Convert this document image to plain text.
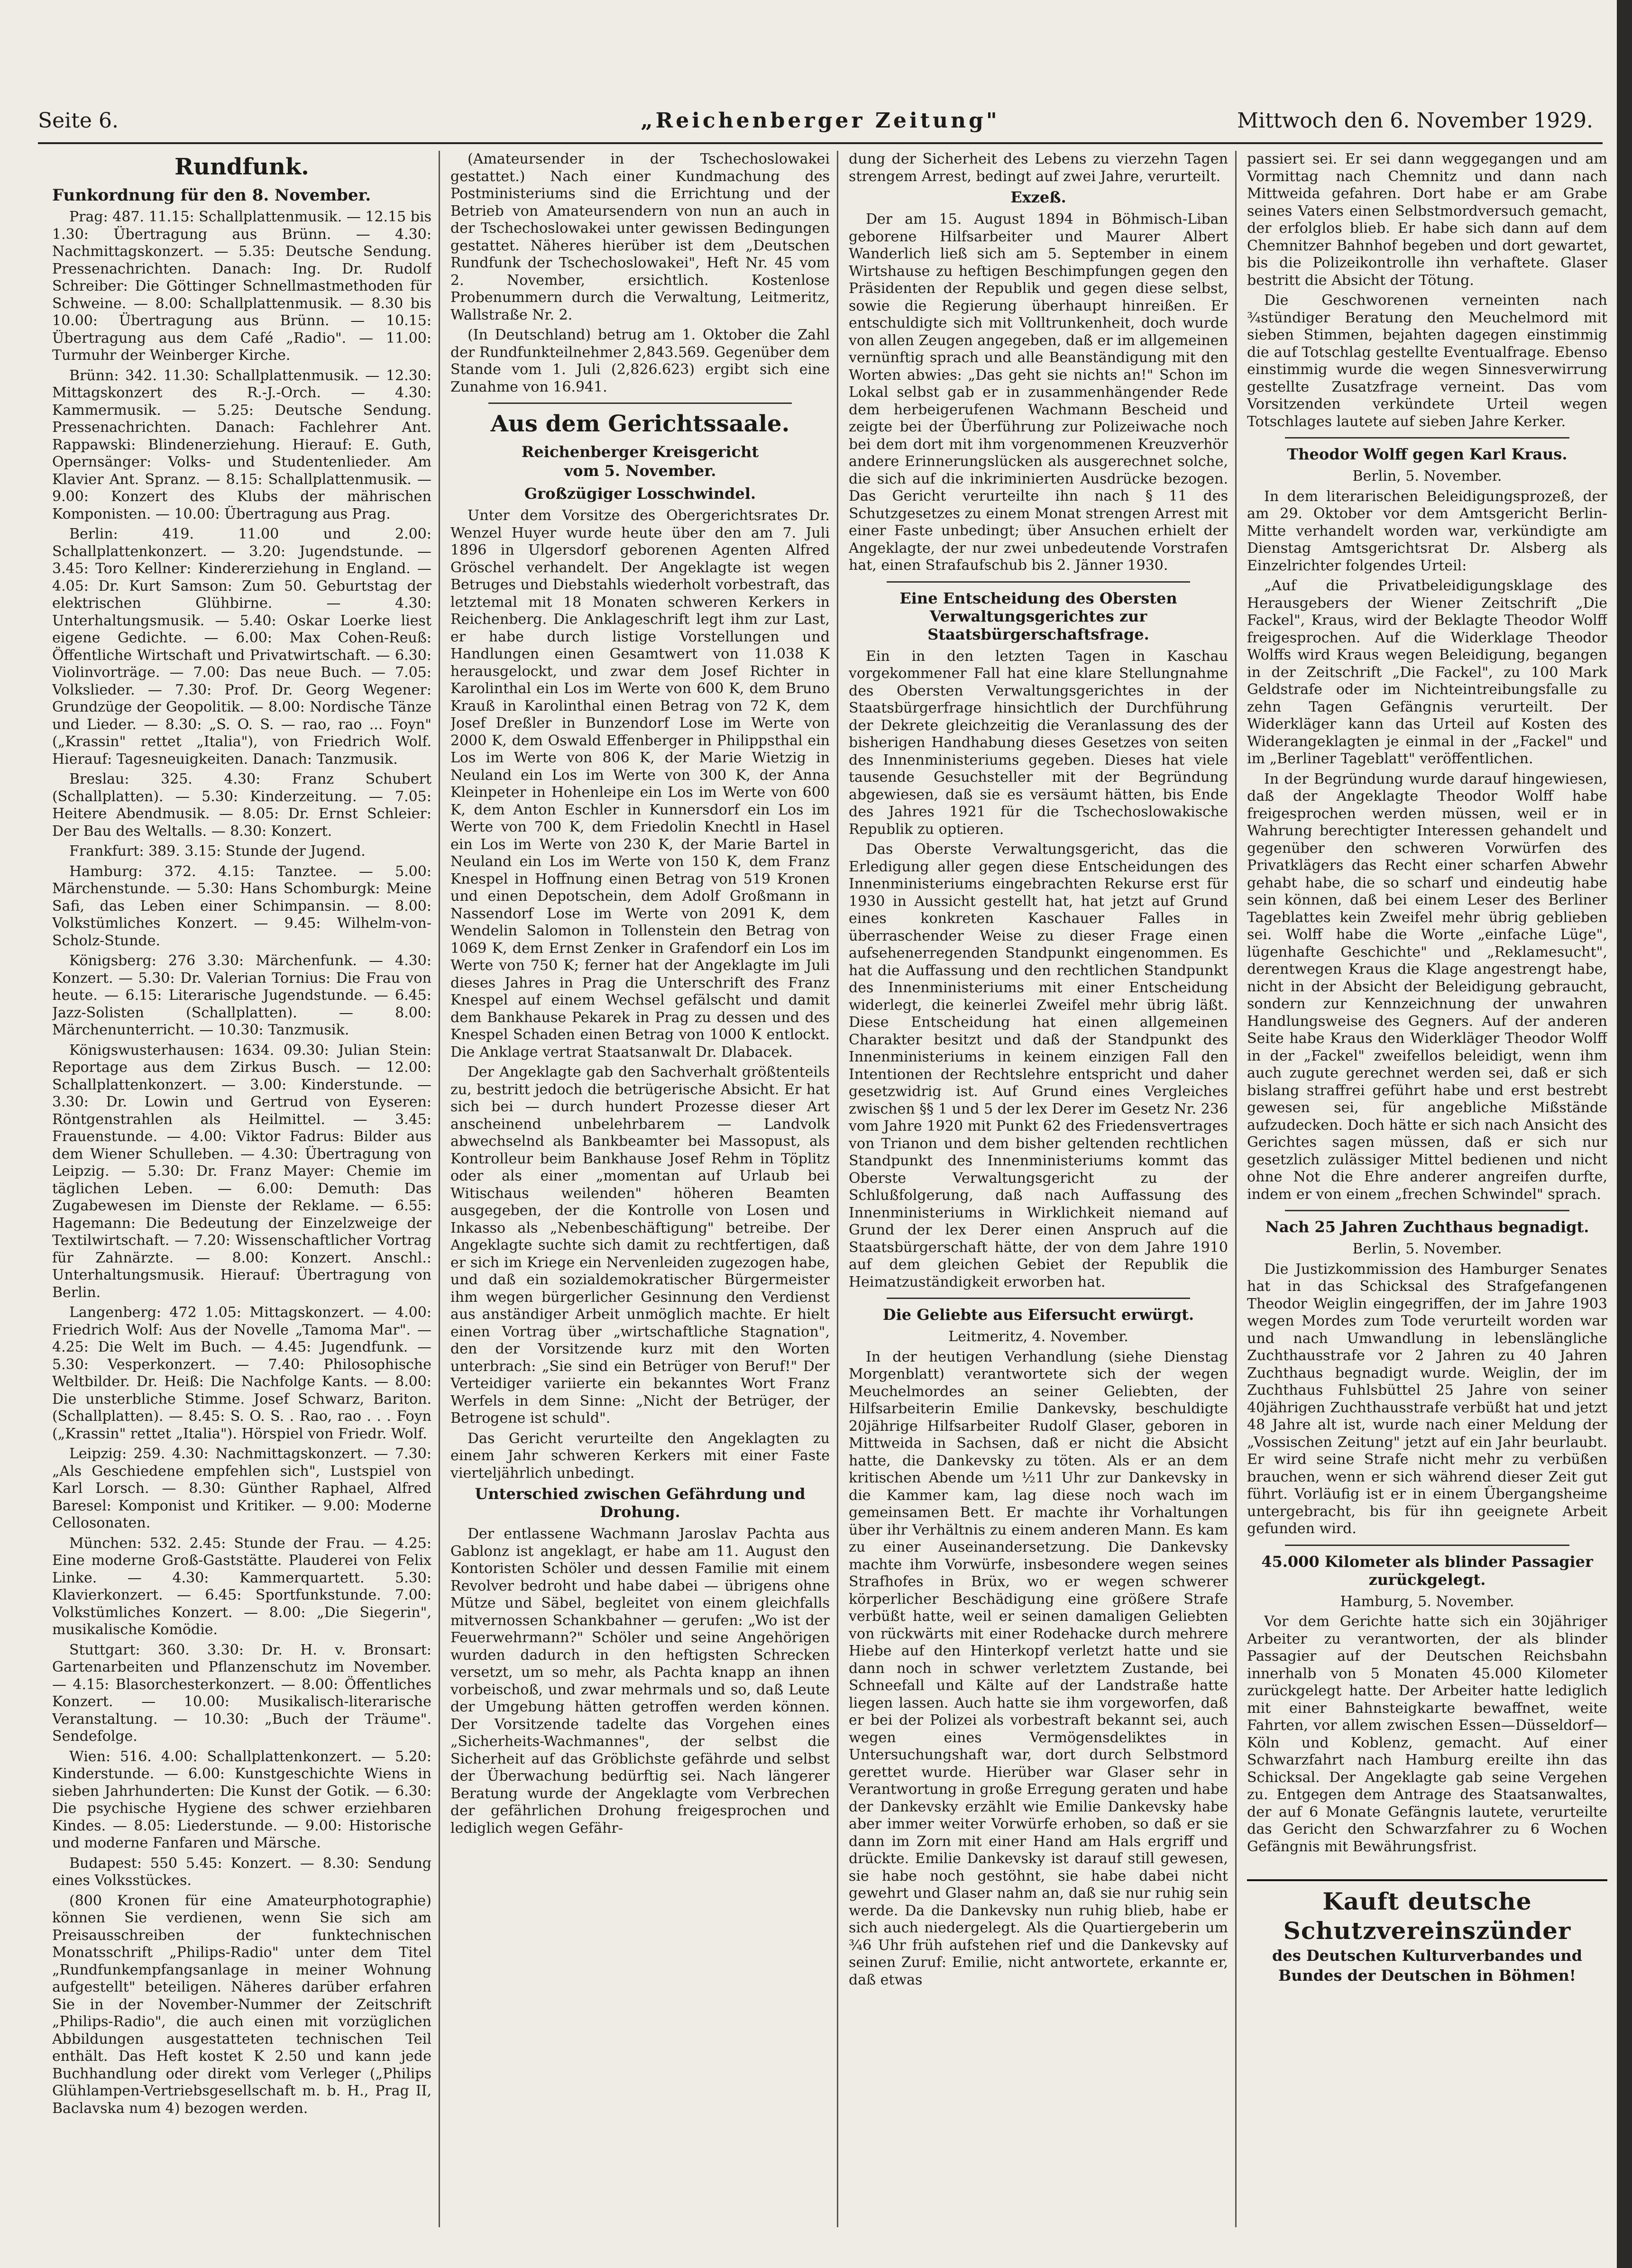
Seite 6.	„Reichenberger Zeitung"	Mittwoch den 6. November 1929.
Rundfunk.
Funkordnung für den 8. November.

Prag: 487. 11.15: Schallplattenmusik. — 12.15 bis 1.30: Übertragung aus Brünn. — 4.30: Nachmittagskonzert. — 5.35: Deutsche Sendung. Pressenachrichten. Danach: Ing. Dr. Rudolf Schreiber: Die Göttinger Schnellmastmethoden für Schweine. — 8.00: Schallplattenmusik. — 8.30 bis 10.00: Übertragung aus Brünn. — 10.15: Übertragung aus dem Café „Radio". — 11.00: Turmuhr der Weinberger Kirche.

Brünn: 342. 11.30: Schallplattenmusik. — 12.30: Mittagskonzert des R.-J.-Orch. — 4.30: Kammermusik. — 5.25: Deutsche Sendung. Pressenachrichten. Danach: Fachlehrer Ant. Rappawski: Blindenerziehung. Hierauf: E. Guth, Opernsänger: Volks- und Studentenlieder. Am Klavier Ant. Spranz. — 8.15: Schallplattenmusik. — 9.00: Konzert des Klubs der mährischen Komponisten. — 10.00: Übertragung aus Prag.

Berlin: 419. 11.00 und 2.00: Schallplattenkonzert. — 3.20: Jugendstunde. — 3.45: Toro Kellner: Kindererziehung in England. — 4.05: Dr. Kurt Samson: Zum 50. Geburtstag der elektrischen Glühbirne. — 4.30: Unterhaltungsmusik. — 5.40: Oskar Loerke liest eigene Gedichte. — 6.00: Max Cohen-Reuß: Öffentliche Wirtschaft und Privatwirtschaft. — 6.30: Violinvorträge. — 7.00: Das neue Buch. — 7.05: Volkslieder. — 7.30: Prof. Dr. Georg Wegener: Grundzüge der Geopolitik. — 8.00: Nordische Tänze und Lieder. — 8.30: „S. O. S. — rao, rao ... Foyn" („Krassin" rettet „Italia"), von Friedrich Wolf. Hierauf: Tagesneuigkeiten. Danach: Tanzmusik.

Breslau: 325. 4.30: Franz Schubert (Schallplatten). — 5.30: Kinderzeitung. — 7.05: Heitere Abendmusik. — 8.05: Dr. Ernst Schleier: Der Bau des Weltalls. — 8.30: Konzert.

Frankfurt: 389. 3.15: Stunde der Jugend.

Hamburg: 372. 4.15: Tanztee. — 5.00: Märchenstunde. — 5.30: Hans Schomburgk: Meine Safi, das Leben einer Schimpansin. — 8.00: Volkstümliches Konzert. — 9.45: Wilhelm-von-Scholz-Stunde.

Königsberg: 276 3.30: Märchenfunk. — 4.30: Konzert. — 5.30: Dr. Valerian Tornius: Die Frau von heute. — 6.15: Literarische Jugendstunde. — 6.45: Jazz-Solisten (Schallplatten). — 8.00: Märchenunterricht. — 10.30: Tanzmusik.

Königswusterhausen: 1634. 09.30: Julian Stein: Reportage aus dem Zirkus Busch. — 12.00: Schallplattenkonzert. — 3.00: Kinderstunde. — 3.30: Dr. Lowin und Gertrud von Eyseren: Röntgenstrahlen als Heilmittel. — 3.45: Frauenstunde. — 4.00: Viktor Fadrus: Bilder aus dem Wiener Schulleben. — 4.30: Übertragung von Leipzig. — 5.30: Dr. Franz Mayer: Chemie im täglichen Leben. — 6.00: Demuth: Das Zugabewesen im Dienste der Reklame. — 6.55: Hagemann: Die Bedeutung der Einzelzweige der Textilwirtschaft. — 7.20: Wissenschaftlicher Vortrag für Zahnärzte. — 8.00: Konzert. Anschl.: Unterhaltungsmusik. Hierauf: Übertragung von Berlin.

Langenberg: 472 1.05: Mittagskonzert. — 4.00: Friedrich Wolf: Aus der Novelle „Tamoma Mar". — 4.25: Die Welt im Buch. — 4.45: Jugendfunk. — 5.30: Vesperkonzert. — 7.40: Philosophische Weltbilder. Dr. Heiß: Die Nachfolge Kants. — 8.00: Die unsterbliche Stimme. Josef Schwarz, Bariton. (Schallplatten). — 8.45: S. O. S. . Rao, rao . . . Foyn („Krassin" rettet „Italia"). Hörspiel von Friedr. Wolf.

Leipzig: 259. 4.30: Nachmittagskonzert. — 7.30: „Als Geschiedene empfehlen sich", Lustspiel von Karl Lorsch. — 8.30: Günther Raphael, Alfred Baresel: Komponist und Kritiker. — 9.00: Moderne Cellosonaten.

München: 532. 2.45: Stunde der Frau. — 4.25: Eine moderne Groß-Gaststätte. Plauderei von Felix Linke. — 4.30: Kammerquartett. 5.30: Klavierkonzert. — 6.45: Sportfunkstunde. 7.00: Volkstümliches Konzert. — 8.00: „Die Siegerin", musikalische Komödie.

Stuttgart: 360. 3.30: Dr. H. v. Bronsart: Gartenarbeiten und Pflanzenschutz im November. — 4.15: Blasorchesterkonzert. — 8.00: Öffentliches Konzert. — 10.00: Musikalisch-literarische Veranstaltung. — 10.30: „Buch der Träume". Sendefolge.

Wien: 516. 4.00: Schallplattenkonzert. — 5.20: Kinderstunde. — 6.00: Kunstgeschichte Wiens in sieben Jahrhunderten: Die Kunst der Gotik. — 6.30: Die psychische Hygiene des schwer erziehbaren Kindes. — 8.05: Liederstunde. — 9.00: Historische und moderne Fanfaren und Märsche.

Budapest: 550 5.45: Konzert. — 8.30: Sendung eines Volksstückes.

(800 Kronen für eine Amateurphotographie) können Sie verdienen, wenn Sie sich am Preisausschreiben der funktechnischen Monatsschrift „Philips-Radio" unter dem Titel „Rundfunkempfangsanlage in meiner Wohnung aufgestellt" beteiligen. Näheres darüber erfahren Sie in der November-Nummer der Zeitschrift „Philips-Radio", die auch einen mit vorzüglichen Abbildungen ausgestatteten technischen Teil enthält. Das Heft kostet K 2.50 und kann jede Buchhandlung oder direkt vom Verleger („Philips Glühlampen-Vertriebsgesellschaft m. b. H., Prag II, Baclavska num 4) bezogen werden.

(Amateursender in der Tschechoslowakei gestattet.) Nach einer Kundmachung des Postministeriums sind die Errichtung und der Betrieb von Amateursendern von nun an auch in der Tschechoslowakei unter gewissen Bedingungen gestattet. Näheres hierüber ist dem „Deutschen Rundfunk der Tschechoslowakei", Heft Nr. 45 vom 2. November, ersichtlich. Kostenlose Probenummern durch die Verwaltung, Leitmeritz, Wallstraße Nr. 2.

(In Deutschland) betrug am 1. Oktober die Zahl der Rundfunkteilnehmer 2,843.569. Gegenüber dem Stande vom 1. Juli (2,826.623) ergibt sich eine Zunahme von 16.941.

Aus dem Gerichtssaale.
Reichenberger Kreisgericht
vom 5. November.
Großzügiger Losschwindel.

Unter dem Vorsitze des Obergerichtsrates Dr. Wenzel Huyer wurde heute über den am 7. Juli 1896 in Ulgersdorf geborenen Agenten Alfred Gröschel verhandelt. Der Angeklagte ist wegen Betruges und Diebstahls wiederholt vorbestraft, das letztemal mit 18 Monaten schweren Kerkers in Reichenberg. Die Anklageschrift legt ihm zur Last, er habe durch listige Vorstellungen und Handlungen einen Gesamtwert von 11.038 K herausgelockt, und zwar dem Josef Richter in Karolinthal ein Los im Werte von 600 K, dem Bruno Krauß in Karolinthal einen Betrag von 72 K, dem Josef Dreßler in Bunzendorf Lose im Werte von 2000 K, dem Oswald Effenberger in Philippsthal ein Los im Werte von 806 K, der Marie Wietzig in Neuland ein Los im Werte von 300 K, der Anna Kleinpeter in Hohenleipe ein Los im Werte von 600 K, dem Anton Eschler in Kunnersdorf ein Los im Werte von 700 K, dem Friedolin Knechtl in Hasel ein Los im Werte von 230 K, der Marie Bartel in Neuland ein Los im Werte von 150 K, dem Franz Knespel in Hoffnung einen Betrag von 519 Kronen und einen Depotschein, dem Adolf Großmann in Nassendorf Lose im Werte von 2091 K, dem Wendelin Salomon in Tollenstein den Betrag von 1069 K, dem Ernst Zenker in Grafendorf ein Los im Werte von 750 K; ferner hat der Angeklagte im Juli dieses Jahres in Prag die Unterschrift des Franz Knespel auf einem Wechsel gefälscht und damit dem Bankhause Pekarek in Prag zu dessen und des Knespel Schaden einen Betrag von 1000 K entlockt. Die Anklage vertrat Staatsanwalt Dr. Dlabacek.

Der Angeklagte gab den Sachverhalt größtenteils zu, bestritt jedoch die betrügerische Absicht. Er hat sich bei — durch hundert Prozesse dieser Art anscheinend unbelehrbarem — Landvolk abwechselnd als Bankbeamter bei Massopust, als Kontrolleur beim Bankhause Josef Rehm in Töplitz oder als einer „momentan auf Urlaub bei Witischaus weilenden" höheren Beamten ausgegeben, der die Kontrolle von Losen und Inkasso als „Nebenbeschäftigung" betreibe. Der Angeklagte suchte sich damit zu rechtfertigen, daß er sich im Kriege ein Nervenleiden zugezogen habe, und daß ein sozialdemokratischer Bürgermeister ihm wegen bürgerlicher Gesinnung den Verdienst aus anständiger Arbeit unmöglich machte. Er hielt einen Vortrag über „wirtschaftliche Stagnation", den der Vorsitzende kurz mit den Worten unterbrach: „Sie sind ein Betrüger von Beruf!" Der Verteidiger variierte ein bekanntes Wort Franz Werfels in dem Sinne: „Nicht der Betrüger, der Betrogene ist schuld".

Das Gericht verurteilte den Angeklagten zu einem Jahr schweren Kerkers mit einer Faste vierteljährlich unbedingt.

Unterschied zwischen Gefährdung und Drohung.

Der entlassene Wachmann Jaroslav Pachta aus Gablonz ist angeklagt, er habe am 11. August den Kontoristen Schöler und dessen Familie mit einem Revolver bedroht und habe dabei — übrigens ohne Mütze und Säbel, begleitet von einem gleichfalls mitvernossen Schankbahner — gerufen: „Wo ist der Feuerwehrmann?" Schöler und seine Angehörigen wurden dadurch in den heftigsten Schrecken versetzt, um so mehr, als Pachta knapp an ihnen vorbeischoß, und zwar mehrmals und so, daß Leute der Umgebung hätten getroffen werden können. Der Vorsitzende tadelte das Vorgehen eines „Sicherheits-Wachmannes", der selbst die Sicherheit auf das Gröblichste gefährde und selbst der Überwachung bedürftig sei. Nach längerer Beratung wurde der Angeklagte vom Verbrechen der gefährlichen Drohung freigesprochen und lediglich wegen Gefähr-

dung der Sicherheit des Lebens zu vierzehn Tagen strengem Arrest, bedingt auf zwei Jahre, verurteilt.

Exzeß.

Der am 15. August 1894 in Böhmisch-Liban geborene Hilfsarbeiter und Maurer Albert Wanderlich ließ sich am 5. September in einem Wirtshause zu heftigen Beschimpfungen gegen den Präsidenten der Republik und gegen diese selbst, sowie die Regierung überhaupt hinreißen. Er entschuldigte sich mit Volltrunkenheit, doch wurde von allen Zeugen angegeben, daß er im allgemeinen vernünftig sprach und alle Beanständigung mit den Worten abwies: „Das geht sie nichts an!" Schon im Lokal selbst gab er in zusammenhängender Rede dem herbeigerufenen Wachmann Bescheid und zeigte bei der Überführung zur Polizeiwache noch bei dem dort mit ihm vorgenommenen Kreuzverhör andere Erinnerungslücken als ausgerechnet solche, die sich auf die inkriminierten Ausdrücke bezogen. Das Gericht verurteilte ihn nach § 11 des Schutzgesetzes zu einem Monat strengen Arrest mit einer Faste unbedingt; über Ansuchen erhielt der Angeklagte, der nur zwei unbedeutende Vorstrafen hat, einen Strafaufschub bis 2. Jänner 1930.

Eine Entscheidung des Obersten Verwaltungsgerichtes zur Staatsbürgerschaftsfrage.

Ein in den letzten Tagen in Kaschau vorgekommener Fall hat eine klare Stellungnahme des Obersten Verwaltungsgerichtes in der Staatsbürgerfrage hinsichtlich der Durchführung der Dekrete gleichzeitig die Veranlassung des der bisherigen Handhabung dieses Gesetzes von seiten des Innenministeriums gegeben. Dieses hat viele tausende Gesuchsteller mit der Begründung abgewiesen, daß sie es versäumt hätten, bis Ende des Jahres 1921 für die Tschechoslowakische Republik zu optieren.

Das Oberste Verwaltungsgericht, das die Erledigung aller gegen diese Entscheidungen des Innenministeriums eingebrachten Rekurse erst für 1930 in Aussicht gestellt hat, hat jetzt auf Grund eines konkreten Kaschauer Falles in überraschender Weise zu dieser Frage einen aufsehenerregenden Standpunkt eingenommen. Es hat die Auffassung und den rechtlichen Standpunkt des Innenministeriums mit einer Entscheidung widerlegt, die keinerlei Zweifel mehr übrig läßt. Diese Entscheidung hat einen allgemeinen Charakter besitzt und daß der Standpunkt des Innenministeriums in keinem einzigen Fall den Intentionen der Rechtslehre entspricht und daher gesetzwidrig ist. Auf Grund eines Vergleiches zwischen §§ 1 und 5 der lex Derer im Gesetz Nr. 236 vom Jahre 1920 mit Punkt 62 des Friedensvertrages von Trianon und dem bisher geltenden rechtlichen Standpunkt des Innenministeriums kommt das Oberste Verwaltungsgericht zu der Schlußfolgerung, daß nach Auffassung des Innenministeriums in Wirklichkeit niemand auf Grund der lex Derer einen Anspruch auf die Staatsbürgerschaft hätte, der von dem Jahre 1910 auf dem gleichen Gebiet der Republik die Heimatzuständigkeit erworben hat.

Die Geliebte aus Eifersucht erwürgt.

Leitmeritz, 4. November.

In der heutigen Verhandlung (siehe Dienstag Morgenblatt) verantwortete sich der wegen Meuchelmordes an seiner Geliebten, der Hilfsarbeiterin Emilie Dankevsky, beschuldigte 20jährige Hilfsarbeiter Rudolf Glaser, geboren in Mittweida in Sachsen, daß er nicht die Absicht hatte, die Dankevsky zu töten. Als er an dem kritischen Abende um ½11 Uhr zur Dankevsky in die Kammer kam, lag diese noch wach im gemeinsamen Bett. Er machte ihr Vorhaltungen über ihr Verhältnis zu einem anderen Mann. Es kam zu einer Auseinandersetzung. Die Dankevsky machte ihm Vorwürfe, insbesondere wegen seines Strafhofes in Brüx, wo er wegen schwerer körperlicher Beschädigung eine größere Strafe verbüßt hatte, weil er seinen damaligen Geliebten von rückwärts mit einer Rodehacke durch mehrere Hiebe auf den Hinterkopf verletzt hatte und sie dann noch in schwer verletztem Zustande, bei Schneefall und Kälte auf der Landstraße hatte liegen lassen. Auch hatte sie ihm vorgeworfen, daß er bei der Polizei als vorbestraft bekannt sei, auch wegen eines Vermögensdeliktes in Untersuchungshaft war, dort durch Selbstmord gerettet wurde. Hierüber war Glaser sehr in Verantwortung in große Erregung geraten und habe der Dankevsky erzählt wie Emilie Dankevsky habe aber immer weiter Vorwürfe erhoben, so daß er sie dann im Zorn mit einer Hand am Hals ergriff und drückte. Emilie Dankevsky ist darauf still gewesen, sie habe noch gestöhnt, sie habe dabei nicht gewehrt und Glaser nahm an, daß sie nur ruhig sein werde. Da die Dankevsky nun ruhig blieb, habe er sich auch niedergelegt. Als die Quartiergeberin um ¾6 Uhr früh aufstehen rief und die Dankevsky auf seinen Zuruf: Emilie, nicht antwortete, erkannte er, daß etwas

passiert sei. Er sei dann weggegangen und am Vormittag nach Chemnitz und dann nach Mittweida gefahren. Dort habe er am Grabe seines Vaters einen Selbstmordversuch gemacht, der erfolglos blieb. Er habe sich dann auf dem Chemnitzer Bahnhof begeben und dort gewartet, bis die Polizeikontrolle ihn verhaftete. Glaser bestritt die Absicht der Tötung.

Die Geschworenen verneinten nach ¾stündiger Beratung den Meuchelmord mit sieben Stimmen, bejahten dagegen einstimmig die auf Totschlag gestellte Eventualfrage. Ebenso einstimmig wurde die wegen Sinnesverwirrung gestellte Zusatzfrage verneint. Das vom Vorsitzenden verkündete Urteil wegen Totschlages lautete auf sieben Jahre Kerker.

Theodor Wolff gegen Karl Kraus.

Berlin, 5. November.

In dem literarischen Beleidigungsprozeß, der am 29. Oktober vor dem Amtsgericht Berlin-Mitte verhandelt worden war, verkündigte am Dienstag Amtsgerichtsrat Dr. Alsberg als Einzelrichter folgendes Urteil:

„Auf die Privatbeleidigungsklage des Herausgebers der Wiener Zeitschrift „Die Fackel", Kraus, wird der Beklagte Theodor Wolff freigesprochen. Auf die Widerklage Theodor Wolffs wird Kraus wegen Beleidigung, begangen in der Zeitschrift „Die Fackel", zu 100 Mark Geldstrafe oder im Nichteintreibungsfalle zu zehn Tagen Gefängnis verurteilt. Der Widerkläger kann das Urteil auf Kosten des Widerangeklagten je einmal in der „Fackel" und im „Berliner Tageblatt" veröffentlichen.

In der Begründung wurde darauf hingewiesen, daß der Angeklagte Theodor Wolff habe freigesprochen werden müssen, weil er in Wahrung berechtigter Interessen gehandelt und gegenüber den schweren Vorwürfen des Privatklägers das Recht einer scharfen Abwehr gehabt habe, die so scharf und eindeutig habe sein können, daß bei einem Leser des Berliner Tageblattes kein Zweifel mehr übrig geblieben sei. Wolff habe die Worte „einfache Lüge", lügenhafte Geschichte" und „Reklamesucht", derentwegen Kraus die Klage angestrengt habe, nicht in der Absicht der Beleidigung gebraucht, sondern zur Kennzeichnung der unwahren Handlungsweise des Gegners. Auf der anderen Seite habe Kraus den Widerkläger Theodor Wolff in der „Fackel" zweifellos beleidigt, wenn ihm auch zugute gerechnet werden sei, daß er sich bislang straffrei geführt habe und erst bestrebt gewesen sei, für angebliche Mißstände aufzudecken. Doch hätte er sich nach Ansicht des Gerichtes sagen müssen, daß er sich nur gesetzlich zulässiger Mittel bedienen und nicht ohne Not die Ehre anderer angreifen durfte, indem er von einem „frechen Schwindel" sprach.

Nach 25 Jahren Zuchthaus begnadigt.

Berlin, 5. November.

Die Justizkommission des Hamburger Senates hat in das Schicksal des Strafgefangenen Theodor Weiglin eingegriffen, der im Jahre 1903 wegen Mordes zum Tode verurteilt worden war und nach Umwandlung in lebenslängliche Zuchthausstrafe vor 2 Jahren zu 40 Jahren Zuchthaus begnadigt wurde. Weiglin, der im Zuchthaus Fuhlsbüttel 25 Jahre von seiner 40jährigen Zuchthausstrafe verbüßt hat und jetzt 48 Jahre alt ist, wurde nach einer Meldung der „Vossischen Zeitung" jetzt auf ein Jahr beurlaubt. Er wird seine Strafe nicht mehr zu verbüßen brauchen, wenn er sich während dieser Zeit gut führt. Vorläufig ist er in einem Übergangsheime untergebracht, bis für ihn geeignete Arbeit gefunden wird.

45.000 Kilometer als blinder Passagier zurückgelegt.

Hamburg, 5. November.

Vor dem Gerichte hatte sich ein 30jähriger Arbeiter zu verantworten, der als blinder Passagier auf der Deutschen Reichsbahn innerhalb von 5 Monaten 45.000 Kilometer zurückgelegt hatte. Der Arbeiter hatte lediglich mit einer Bahnsteigkarte bewaffnet, weite Fahrten, vor allem zwischen Essen—Düsseldorf—Köln und Koblenz, gemacht. Auf einer Schwarzfahrt nach Hamburg ereilte ihn das Schicksal. Der Angeklagte gab seine Vergehen zu. Entgegen dem Antrage des Staatsanwaltes, der auf 6 Monate Gefängnis lautete, verurteilte das Gericht den Schwarzfahrer zu 6 Wochen Gefängnis mit Bewährungsfrist.

Kauft deutsche Schutzvereinszünder
des Deutschen Kulturverbandes und
Bundes der Deutschen in Böhmen!
